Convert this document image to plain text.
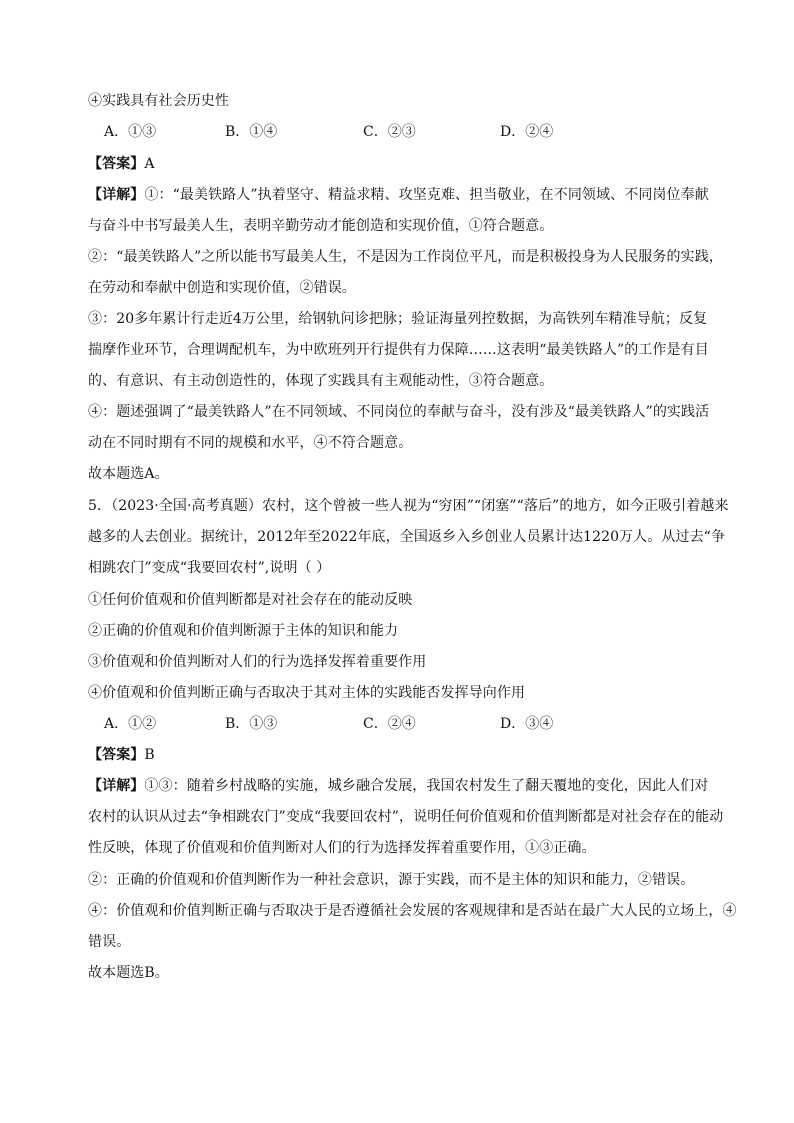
④实践具有社会历史性
A．①③	B．①④	C．②③	D．②④
【答案】A
【详解】①：“最美铁路人”执着坚守、精益求精、攻坚克难、担当敬业，在不同领域、不同岗位奉献
与奋斗中书写最美人生，表明辛勤劳动才能创造和实现价值，①符合题意。
②：“最美铁路人”之所以能书写最美人生，不是因为工作岗位平凡，而是积极投身为人民服务的实践，
在劳动和奉献中创造和实现价值，②错误。
③：20多年累计行走近4万公里，给钢轨问诊把脉；验证海量列控数据，为高铁列车精准导航；反复
揣摩作业环节，合理调配机车，为中欧班列开行提供有力保障……这表明“最美铁路人”的工作是有目
的、有意识、有主动创造性的，体现了实践具有主观能动性，③符合题意。
④：题述强调了“最美铁路人”在不同领域、不同岗位的奉献与奋斗，没有涉及“最美铁路人”的实践活
动在不同时期有不同的规模和水平，④不符合题意。
故本题选A。
5．（2023·全国·高考真题）农村，这个曾被一些人视为“穷困”“闭塞”“落后”的地方，如今正吸引着越来
越多的人去创业。据统计，2012年至2022年底，全国返乡入乡创业人员累计达1220万人。从过去“争
相跳农门”变成“我要回农村”,说明（ ）
①任何价值观和价值判断都是对社会存在的能动反映
②正确的价值观和价值判断源于主体的知识和能力
③价值观和价值判断对人们的行为选择发挥着重要作用
④价值观和价值判断正确与否取决于其对主体的实践能否发挥导向作用
A．①②	B．①③	C．②④	D．③④
【答案】B
【详解】①③：随着乡村战略的实施，城乡融合发展，我国农村发生了翻天覆地的变化，因此人们对
农村的认识从过去“争相跳农门”变成“我要回农村”，说明任何价值观和价值判断都是对社会存在的能动
性反映，体现了价值观和价值判断对人们的行为选择发挥着重要作用，①③正确。
②：正确的价值观和价值判断作为一种社会意识，源于实践，而不是主体的知识和能力，②错误。
④：价值观和价值判断正确与否取决于是否遵循社会发展的客观规律和是否站在最广大人民的立场上，④
错误。
故本题选B。
